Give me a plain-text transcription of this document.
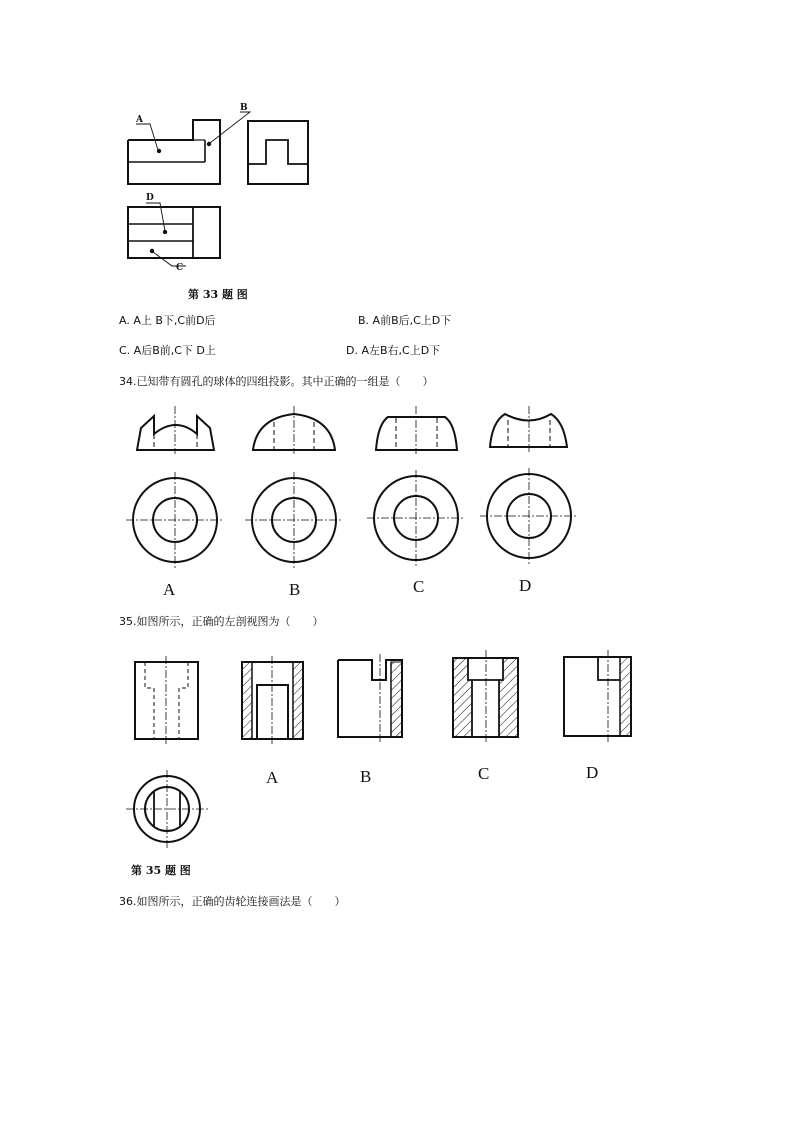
A
B
D
C
第 33 题 图
A. A上 B下,C前D后	B. A前B后,C上D下
C. A后B前,C下 D上	D. A左B右,C上D下
34.已知带有圆孔的球体的四组投影。其中正确的一组是（　　）
A	B	C	D
35.如图所示，正确的左剖视图为（　　）
A	B	C	D
第 35 题 图
36.如图所示，正确的齿轮连接画法是（　　）
